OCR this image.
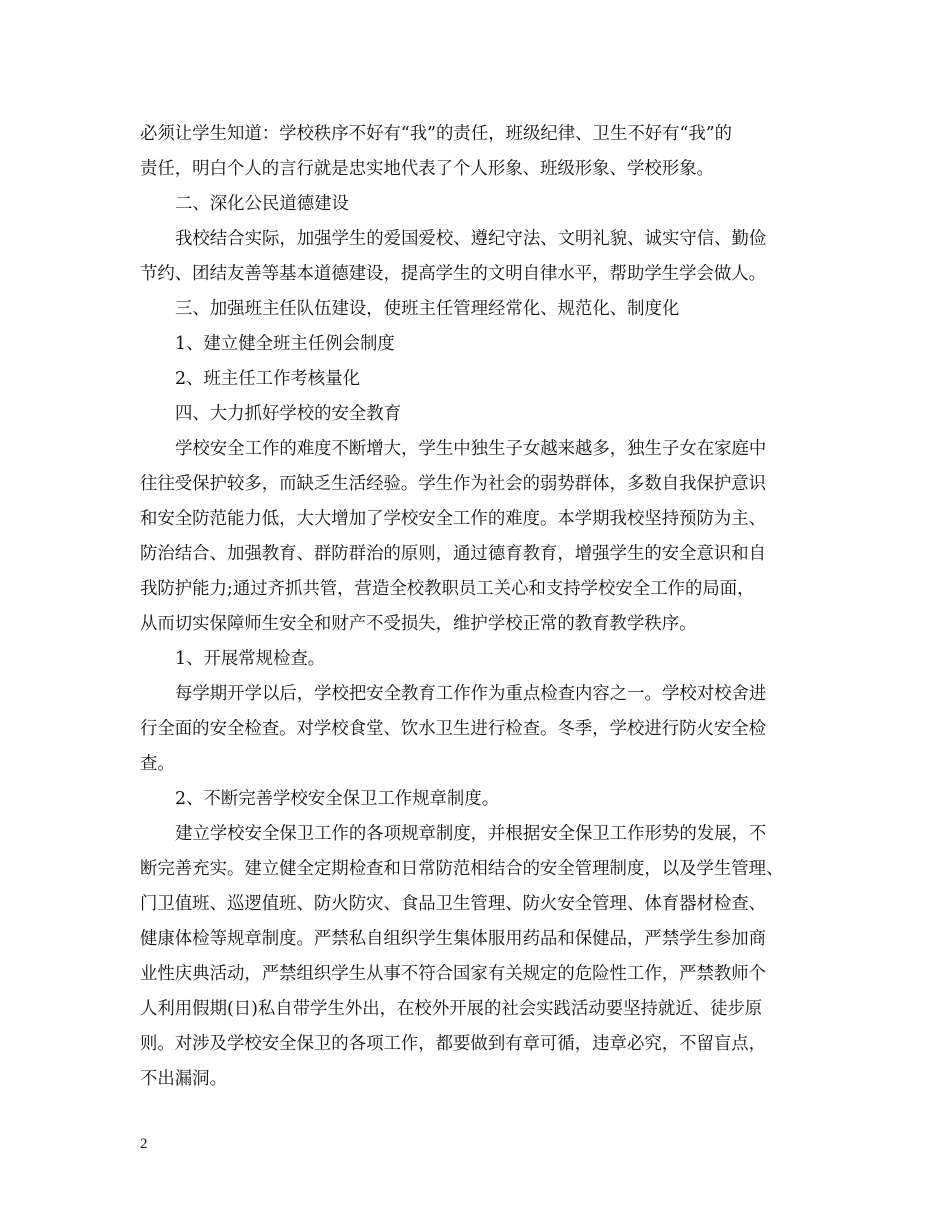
必须让学生知道：学校秩序不好有“我”的责任，班级纪律、卫生不好有“我”的
责任，明白个人的言行就是忠实地代表了个人形象、班级形象、学校形象。
二、深化公民道德建设
我校结合实际，加强学生的爱国爱校、遵纪守法、文明礼貌、诚实守信、勤俭
节约、团结友善等基本道德建设，提高学生的文明自律水平，帮助学生学会做人。
三、加强班主任队伍建设，使班主任管理经常化、规范化、制度化
1、建立健全班主任例会制度
2、班主任工作考核量化
四、大力抓好学校的安全教育
学校安全工作的难度不断增大，学生中独生子女越来越多，独生子女在家庭中
往往受保护较多，而缺乏生活经验。学生作为社会的弱势群体，多数自我保护意识
和安全防范能力低，大大增加了学校安全工作的难度。本学期我校坚持预防为主、
防治结合、加强教育、群防群治的原则，通过德育教育，增强学生的安全意识和自
我防护能力;通过齐抓共管，营造全校教职员工关心和支持学校安全工作的局面，
从而切实保障师生安全和财产不受损失，维护学校正常的教育教学秩序。
1、开展常规检查。
每学期开学以后，学校把安全教育工作作为重点检查内容之一。学校对校舍进
行全面的安全检查。对学校食堂、饮水卫生进行检查。冬季，学校进行防火安全检
查。
2、不断完善学校安全保卫工作规章制度。
建立学校安全保卫工作的各项规章制度，并根据安全保卫工作形势的发展，不
断完善充实。建立健全定期检查和日常防范相结合的安全管理制度，以及学生管理、
门卫值班、巡逻值班、防火防灾、食品卫生管理、防火安全管理、体育器材检查、
健康体检等规章制度。严禁私自组织学生集体服用药品和保健品，严禁学生参加商
业性庆典活动，严禁组织学生从事不符合国家有关规定的危险性工作，严禁教师个
人利用假期(日)私自带学生外出，在校外开展的社会实践活动要坚持就近、徒步原
则。对涉及学校安全保卫的各项工作，都要做到有章可循，违章必究，不留盲点，
不出漏洞。
2
